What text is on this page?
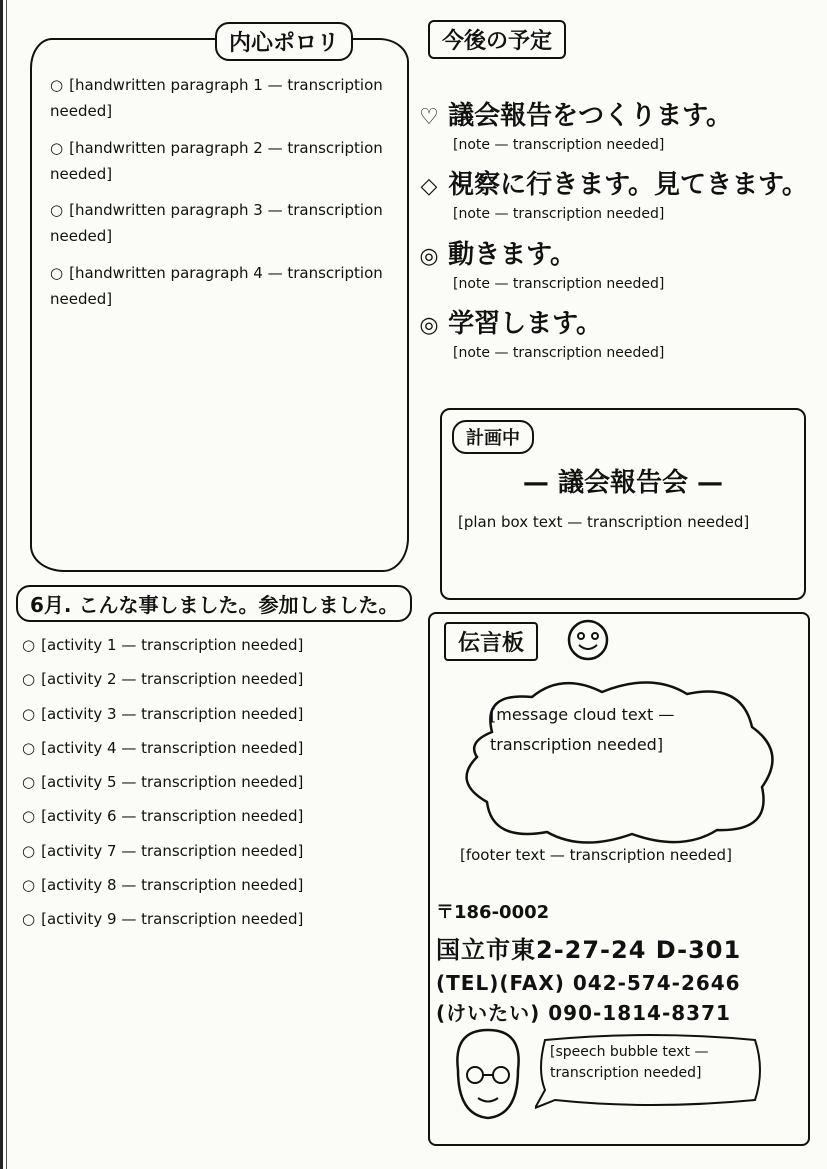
内心ポロリ

○ [handwritten paragraph 1 — transcription needed]

○ [handwritten paragraph 2 — transcription needed]

○ [handwritten paragraph 3 — transcription needed]

○ [handwritten paragraph 4 — transcription needed]

6月. こんな事しました。参加しました。

○ [activity 1 — transcription needed]

○ [activity 2 — transcription needed]

○ [activity 3 — transcription needed]

○ [activity 4 — transcription needed]

○ [activity 5 — transcription needed]

○ [activity 6 — transcription needed]

○ [activity 7 — transcription needed]

○ [activity 8 — transcription needed]

○ [activity 9 — transcription needed]

今後の予定
♡ 議会報告をつくります。

[note — transcription needed]

◇ 視察に行きます。見てきます。

[note — transcription needed]

◎ 動きます。

[note — transcription needed]

◎ 学習します。

[note — transcription needed]

計画中
— 議会報告会 —

[plan box text — transcription needed]

伝言板

[message cloud text — transcription needed]

[footer text — transcription needed]

〒186-0002
国立市東2-27-24 D-301
(TEL)(FAX) 042-574-2646
(けいたい) 090-1814-8371

[speech bubble text — transcription needed]
